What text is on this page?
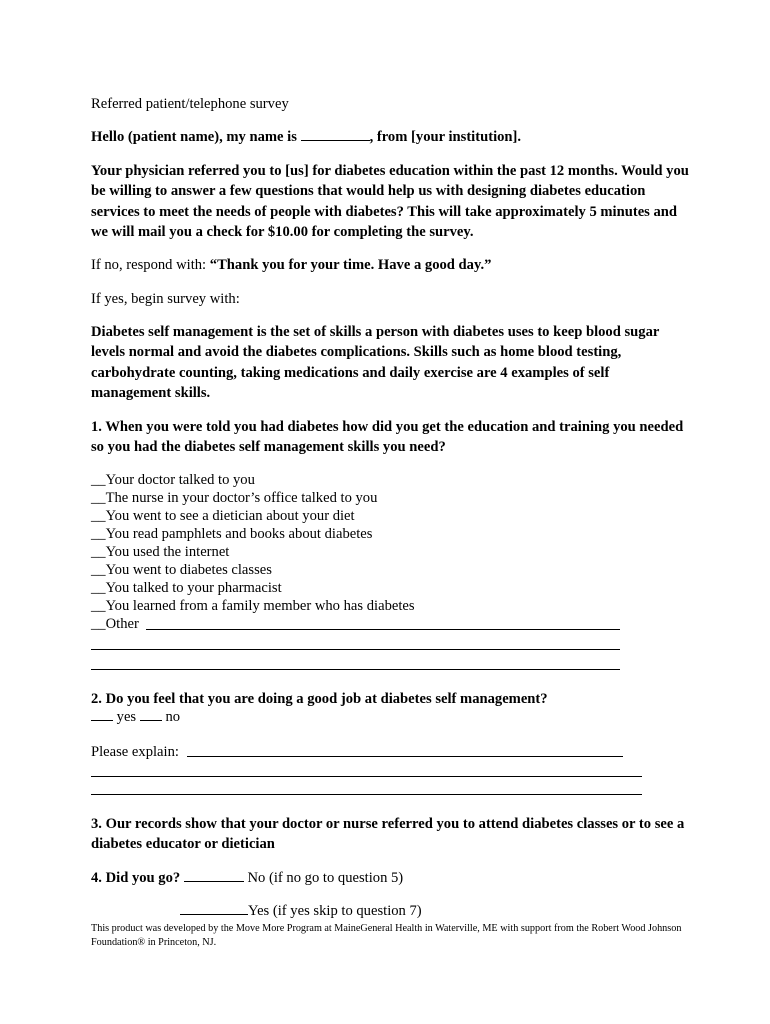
Referred patient/telephone survey
Hello (patient name), my name is	, from [your institution].
Your physician referred you to [us] for diabetes education within the past 12 months. Would you be willing to answer a few questions that would help us with designing diabetes education services to meet the needs of people with diabetes? This will take approximately 5 minutes and we will mail you a check for $10.00 for completing the survey.
If no, respond with: “Thank you for your time. Have a good day.”
If yes, begin survey with:
Diabetes self management is the set of skills a person with diabetes uses to keep blood sugar levels normal and avoid the diabetes complications. Skills such as home blood testing, carbohydrate counting, taking medications and daily exercise are 4 examples of self management skills.
1. When you were told you had diabetes how did you get the education and training you needed so you had the diabetes self management skills you need?
__Your doctor talked to you
__The nurse in your doctor’s office talked to you
__You went to see a dietician about your diet
__You read pamphlets and books about diabetes
__You used the internet
__You went to diabetes classes
__You talked to your pharmacist
__You learned from a family member who has diabetes
__Other
2. Do you feel that you are doing a good job at diabetes self management?
yes no
Please explain:
3. Our records show that your doctor or nurse referred you to attend diabetes classes or to see a diabetes educator or dietician
4. Did you go?	No (if no go to question 5)
Yes (if yes skip to question 7)
This product was developed by the Move More Program at MaineGeneral Health in Waterville, ME with support from the Robert Wood Johnson Foundation® in Princeton, NJ.
